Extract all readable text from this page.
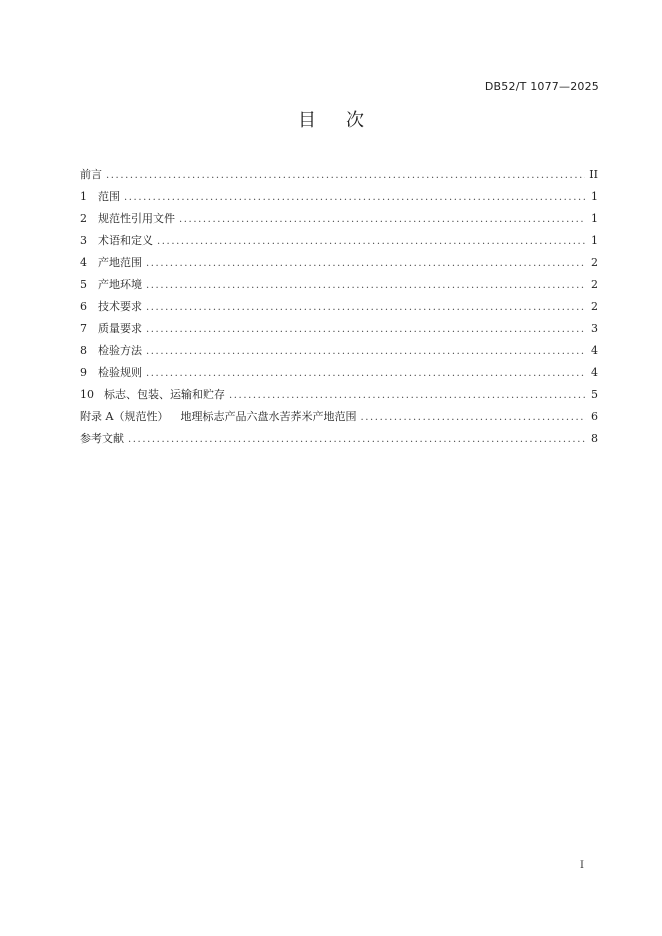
DB52/T 1077—2025
目 次
前言 .....	II
1	范围 .....	1
2	规范性引用文件 .....	1
3	术语和定义 .....	1
4	产地范围 .....	2
5	产地环境 .....	2
6	技术要求 .....	2
7	质量要求 .....	3
8	检验方法 .....	4
9	检验规则 .....	4
10 标志、包装、运输和贮存 .....	5
附录 A（规范性） 地理标志产品六盘水苦荞米产地范围 .....	6
参考文献 .....	8
I
